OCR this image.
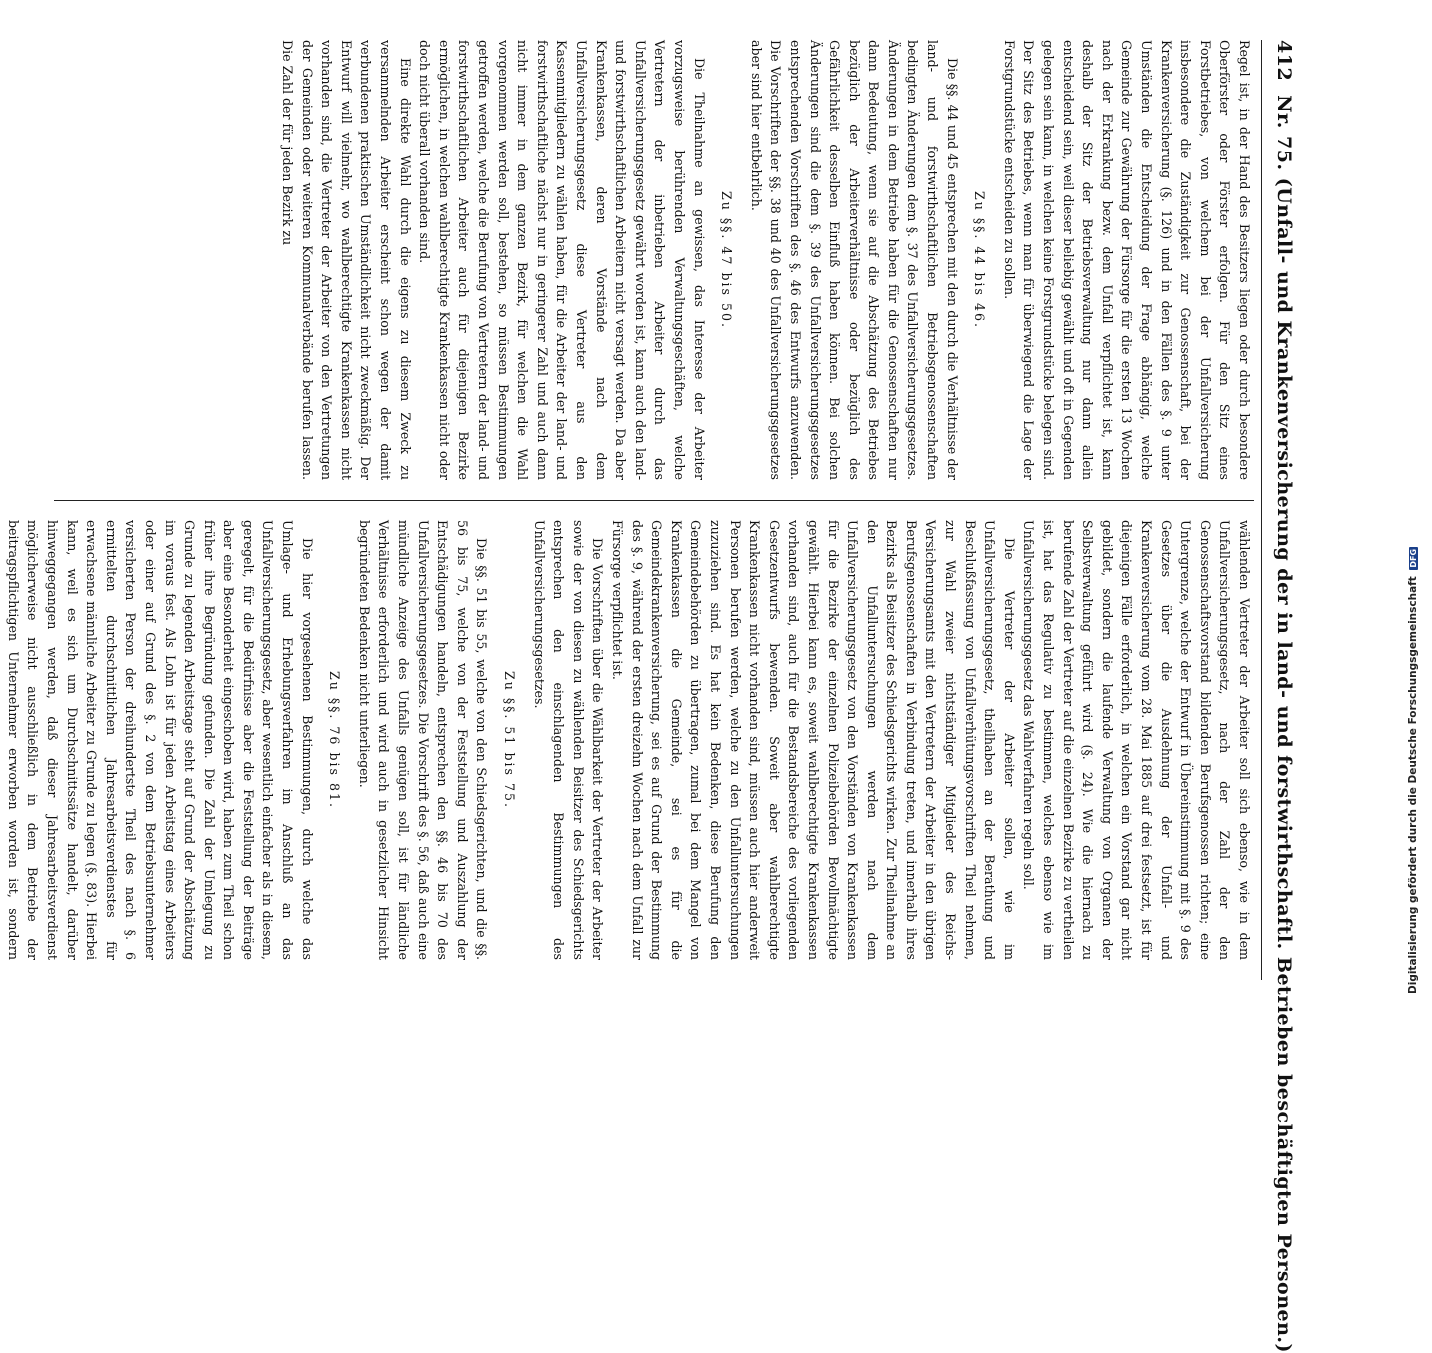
412
Nr. 75. (Unfall- und Krankenversicherung der in land- und forstwirthschaftl. Betrieben beschäftigten Personen.)

Regel ist, in der Hand des Besitzers liegen oder durch besondere Oberförster oder Förster erfolgen. Für den Sitz eines Forstbetriebes, von welchem bei der Unfallversicherung insbesondere die Zuständigkeit zur Genossenschaft, bei der Krankenversicherung (§. 126) und in den Fällen des §. 9 unter Umständen die Entscheidung der Frage abhängig, welche Gemeinde zur Gewährung der Fürsorge für die ersten 13 Wochen nach der Erkrankung bezw. dem Unfall verpflichtet ist, kann deshalb der Sitz der Betriebsverwaltung nur dann allein entscheidend sein, weil dieser beliebig gewählt und oft in Gegenden gelegen sein kann, in welchen keine Forstgrundstücke belegen sind. Der Sitz des Betriebes, wenn man für überwiegend die Lage der Forstgrundstücke entscheiden zu sollen.

Zu §§. 44 bis 46.

Die §§. 44 und 45 entsprechen mit den durch die Verhältnisse der land- und forstwirthschaftlichen Betriebsgenossenschaften bedingten Änderungen dem §. 37 des Unfallversicherungsgesetzes. Änderungen in dem Betriebe haben für die Genossenschaften nur dann Bedeutung, wenn sie auf die Abschätzung des Betriebes bezüglich der Arbeiterverhältnisse oder bezüglich des Gefährlichkeit desselben Einfluß haben können. Bei solchen Änderungen sind die dem §. 39 des Unfallversicherungsgesetzes entsprechenden Vorschriften des §. 46 des Entwurfs anzuwenden. Die Vorschriften der §§. 38 und 40 des Unfallversicherungsgesetzes aber sind hier entbehrlich.

Zu §§. 47 bis 50.

Die Theilnahme an gewissen, das Interesse der Arbeiter vorzugsweise berührenden Verwaltungsgeschäften, welche Vertretern der inbetrieben Arbeiter durch das Unfallversicherungsgesetz gewährt worden ist, kann auch den land- und forstwirthschaftlichen Arbeitern nicht versagt werden. Da aber Krankenkassen, deren Vorstände nach dem Unfallversicherungsgesetz diese Vertreter aus den Kassenmitgliedern zu wählen haben, für die Arbeiter der land- und forstwirthschaftliche nächst nur in geringerer Zahl und auch dann nicht immer in dem ganzen Bezirk, für welchen die Wahl vorgenommen werden soll, bestehen, so müssen Bestimmungen getroffen werden, welche die Berufung von Vertretern der land- und forstwirthschaftlichen Arbeiter auch für diejenigen Bezirke ermöglichen, in welchen wahlberechtigte Krankenkassen nicht oder doch nicht überall vorhanden sind.

Eine direkte Wahl durch die eigens zu diesem Zweck zu versammelnden Arbeiter erscheint schon wegen der damit verbundenen praktischen Umständlichkeit nicht zweckmäßig. Der Entwurf will vielmehr, wo wahlberechtigte Krankenkassen nicht vorhanden sind, die Vertreter der Arbeiter von den Vertretungen der Gemeinden oder weiteren Kommunalverbände berufen lassen. Die Zahl der für jeden Bezirk zu

wählenden Vertreter der Arbeiter soll sich ebenso, wie in dem Unfallversicherungsgesetz, nach der Zahl der den Genossenschaftsvorstand bildenden Berufsgenossen richten; eine Untergrenze, welche der Entwurf in Übereinstimmung mit §. 9 des Gesetzes über die Ausdehnung der Unfall- und Krankenversicherung vom 28. Mai 1885 auf drei festsetzt, ist für diejenigen Fälle erforderlich, in welchen ein Vorstand gar nicht gebildet, sondern die laufende Verwaltung von Organen der Selbstverwaltung geführt wird (§. 24). Wie die hiernach zu berufende Zahl der Vertreter auf die einzelnen Bezirke zu vertheilen ist, hat das Regulativ zu bestimmen, welches ebenso wie im Unfallversicherungsgesetz das Wahlverfahren regeln soll.

Die Vertreter der Arbeiter sollen, wie im Unfallversicherungsgesetz, theilhaben an der Berathung und Beschlußfassung von Unfallverhütungsvorschriften Theil nehmen, zur Wahl zweier nichtständiger Mitglieder des Reichs-Versicherungsamts mit den Vertretern der Arbeiter in den übrigen Berufsgenossenschaften in Verbindung treten, und innerhalb ihres Bezirks als Beisitzer des Schiedsgerichts wirken. Zur Theilnahme an den Unfalluntersuchungen werden nach dem Unfallversicherungsgesetz von den Vorständen von Krankenkassen für die Bezirke der einzelnen Polizeibehörden Bevollmächtigte gewählt. Hierbei kann es, soweit wahlberechtigte Krankenkassen vorhanden sind, auch für die Bestandsbereiche des vorliegenden Gesetzentwurfs bewenden. Soweit aber wahlberechtigte Krankenkassen nicht vorhanden sind, müssen auch hier anderweit Personen berufen werden, welche zu den Unfalluntersuchungen zuzuziehen sind. Es hat kein Bedenken, diese Berufung den Gemeindebehörden zu übertragen, zumal bei dem Mangel von Krankenkassen die Gemeinde, sei es für die Gemeindekrankenversicherung, sei es auf Grund der Bestimmung des §. 9, während der ersten dreizehn Wochen nach dem Unfall zur Fürsorge verpflichtet ist.

Die Vorschriften über die Wählbarkeit der Vertreter der Arbeiter sowie der von diesen zu wählenden Beisitzer des Schiedsgerichts entsprechen den einschlagenden Bestimmungen des Unfallversicherungsgesetzes.

Zu §§. 51 bis 75.

Die §§. 51 bis 55, welche von den Schiedsgerichten, und die §§. 56 bis 75, welche von der Feststellung und Auszahlung der Entschädigungen handeln, entsprechen den §§. 46 bis 70 des Unfallversicherungsgesetzes. Die Vorschrift des §. 56, daß auch eine mündliche Anzeige des Unfalls genügen soll, ist für ländliche Verhältnisse erforderlich und wird auch in gesetzlicher Hinsicht begründeten Bedenken nicht unterliegen.

Zu §§. 76 bis 81.

Die hier vorgesehenen Bestimmungen, durch welche das Umlage- und Erhebungsverfahren im Anschluß an das Unfallversicherungsgesetz, aber wesentlich einfacher als in diesem, geregelt, für die Bedürfnisse aber die Feststellung der Beiträge aber eine Besonderheit eingeschoben wird, haben zum Theil schon früher ihre Begründung gefunden. Die Zahl der Umlegung zu Grunde zu legenden Arbeitstage steht auf Grund der Abschätzung im voraus fest. Als Lohn ist für jeden Arbeitstag eines Arbeiters oder einer auf Grund des §. 2 von dem Betriebsunternehmer versicherten Person der dreihundertste Theil des nach §. 6 ermittelten durchschnittlichen Jahresarbeitsverdienstes für erwachsene männliche Arbeiter zu Grunde zu legen (§. 83). Hierbei kann, weil es sich um Durchschnittssätze handelt, darüber hinweggegangen werden, daß dieser Jahresarbeitsverdienst möglicherweise nicht ausschließlich in dem Betriebe der beitragspflichtigen Unternehmer erworben worden ist, sondern	Digitalisierung gefördert durch die Deutsche Forschungsgemeinschaft DFG
